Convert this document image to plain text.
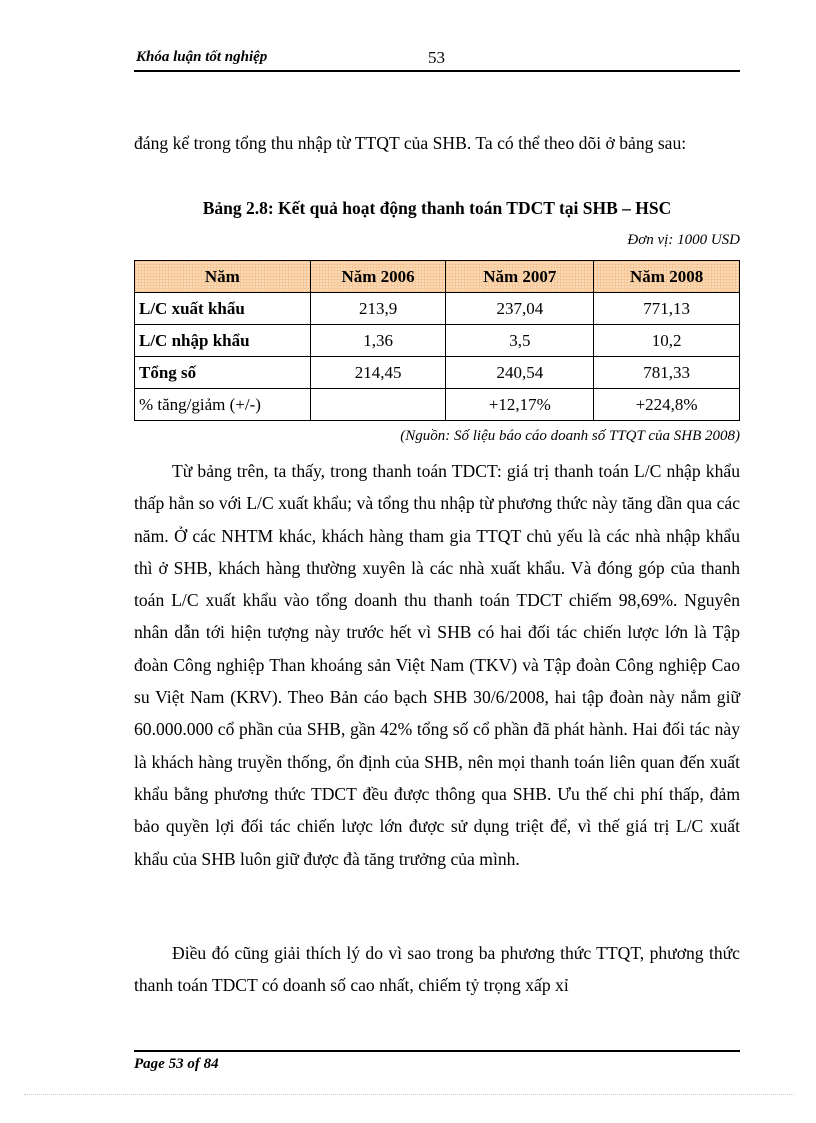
Khóa luận tốt nghiệp	53
đáng kể trong tổng thu nhập từ TTQT của SHB. Ta có thể theo dõi ở bảng sau:
Bảng 2.8: Kết quả hoạt động thanh toán TDCT tại SHB – HSC
Đơn vị: 1000 USD
Năm	Năm 2006	Năm 2007	Năm 2008
L/C xuất khẩu	213,9	237,04	771,13
L/C nhập khẩu	1,36	3,5	10,2
Tổng số	214,45	240,54	781,33
% tăng/giảm (+/-)		+12,17%	+224,8%
(Nguồn: Số liệu báo cáo doanh số TTQT của SHB 2008)
Từ bảng trên, ta thấy, trong thanh toán TDCT: giá trị thanh toán L/C nhập khẩu thấp hẳn so với L/C xuất khẩu; và tổng thu nhập từ phương thức này tăng dần qua các năm. Ở các NHTM khác, khách hàng tham gia TTQT chủ yếu là các nhà nhập khẩu thì ở SHB, khách hàng thường xuyên là các nhà xuất khẩu. Và đóng góp của thanh toán L/C xuất khẩu vào tổng doanh thu thanh toán TDCT chiếm 98,69%. Nguyên nhân dẫn tới hiện tượng này trước hết vì SHB có hai đối tác chiến lược lớn là Tập đoàn Công nghiệp Than khoáng sản Việt Nam (TKV) và Tập đoàn Công nghiệp Cao su Việt Nam (KRV). Theo Bản cáo bạch SHB 30/6/2008, hai tập đoàn này nắm giữ 60.000.000 cổ phần của SHB, gần 42% tổng số cổ phần đã phát hành. Hai đối tác này là khách hàng truyền thống, ổn định của SHB, nên mọi thanh toán liên quan đến xuất khẩu bằng phương thức TDCT đều được thông qua SHB. Ưu thế chi phí thấp, đảm bảo quyền lợi đối tác chiến lược lớn được sử dụng triệt để, vì thế giá trị L/C xuất khẩu của SHB luôn giữ được đà tăng trưởng của mình.
Điều đó cũng giải thích lý do vì sao trong ba phương thức TTQT, phương thức thanh toán TDCT có doanh số cao nhất, chiếm tỷ trọng xấp xỉ
Page 53 of 84
